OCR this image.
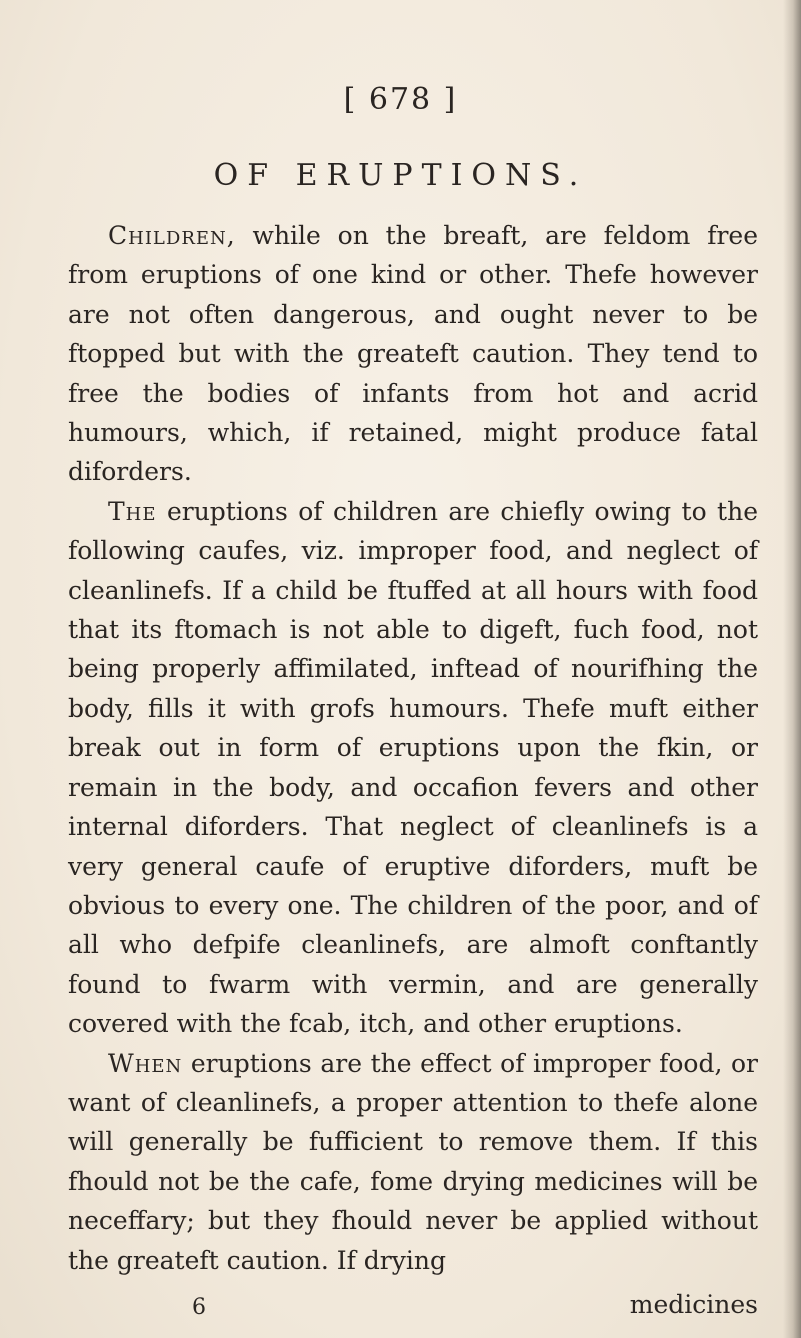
[ 678 ]
OF ERUPTIONS.

Children, while on the breaft, are feldom free from eruptions of one kind or other. Thefe however are not often dangerous, and ought never to be ftopped but with the greateft caution. They tend to free the bodies of infants from hot and acrid humours, which, if retained, might produce fatal diforders.

The eruptions of children are chiefly owing to the following caufes, viz. improper food, and neglect of cleanlinefs. If a child be ftuffed at all hours with food that its ftomach is not able to digeft, fuch food, not being properly affimilated, inftead of nourifhing the body, fills it with grofs humours. Thefe muft either break out in form of eruptions upon the fkin, or remain in the body, and occafion fevers and other internal diforders. That neglect of cleanlinefs is a very general caufe of eruptive diforders, muft be obvious to every one. The children of the poor, and of all who defpife cleanlinefs, are almoft conftantly found to fwarm with vermin, and are generally covered with the fcab, itch, and other eruptions.

When eruptions are the effect of improper food, or want of cleanlinefs, a proper attention to thefe alone will generally be fufficient to remove them. If this fhould not be the cafe, fome drying medicines will be neceffary; but they fhould never be applied without the greateft caution. If drying

6	medicines
